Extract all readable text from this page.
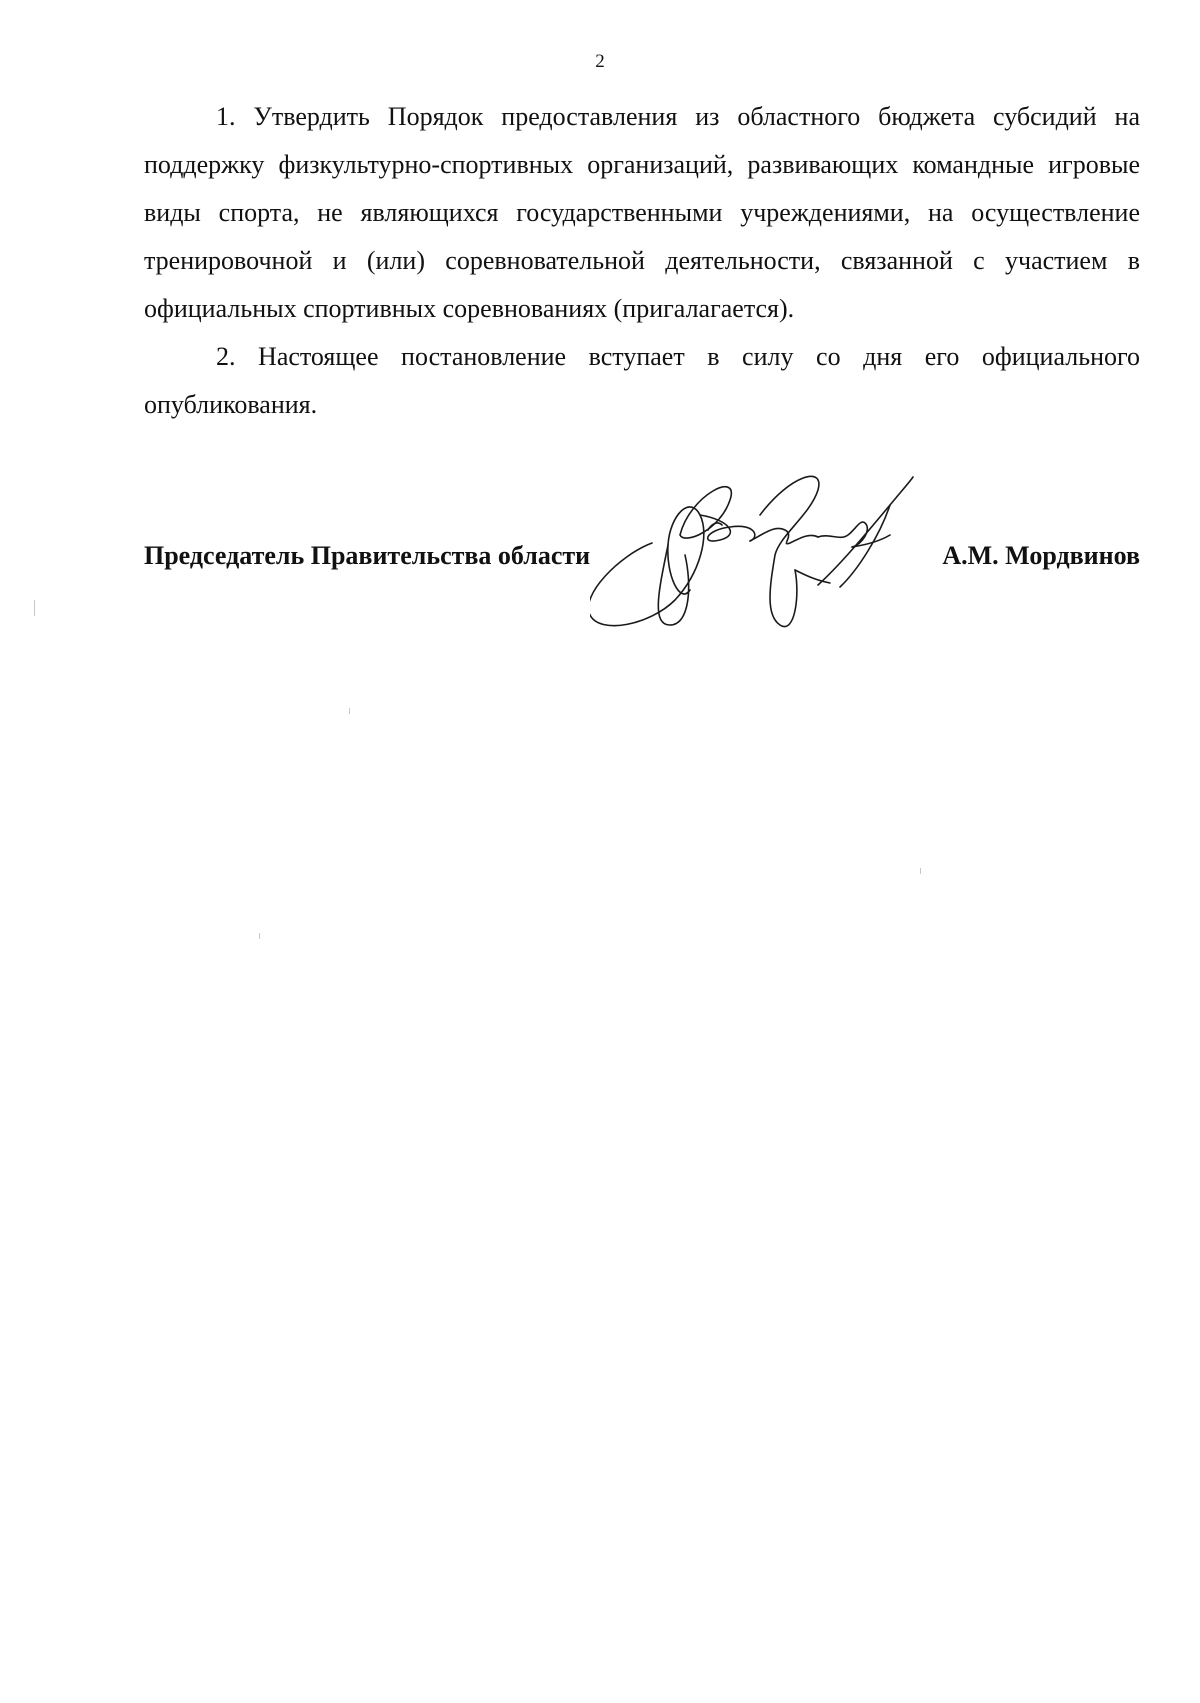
2

1. Утвердить Порядок предоставления из областного бюджета субсидий на поддержку физкультурно-спортивных организаций, развивающих командные игровые виды спорта, не являющихся государственными учреждениями, на осуществление тренировочной и (или) соревновательной деятельности, связанной с участием в официальных спортивных соревнованиях (пригалагается).

2. Настоящее постановление вступает в силу со дня его официального опубликования.

Председатель Правительства области	А.М. Мордвинов
